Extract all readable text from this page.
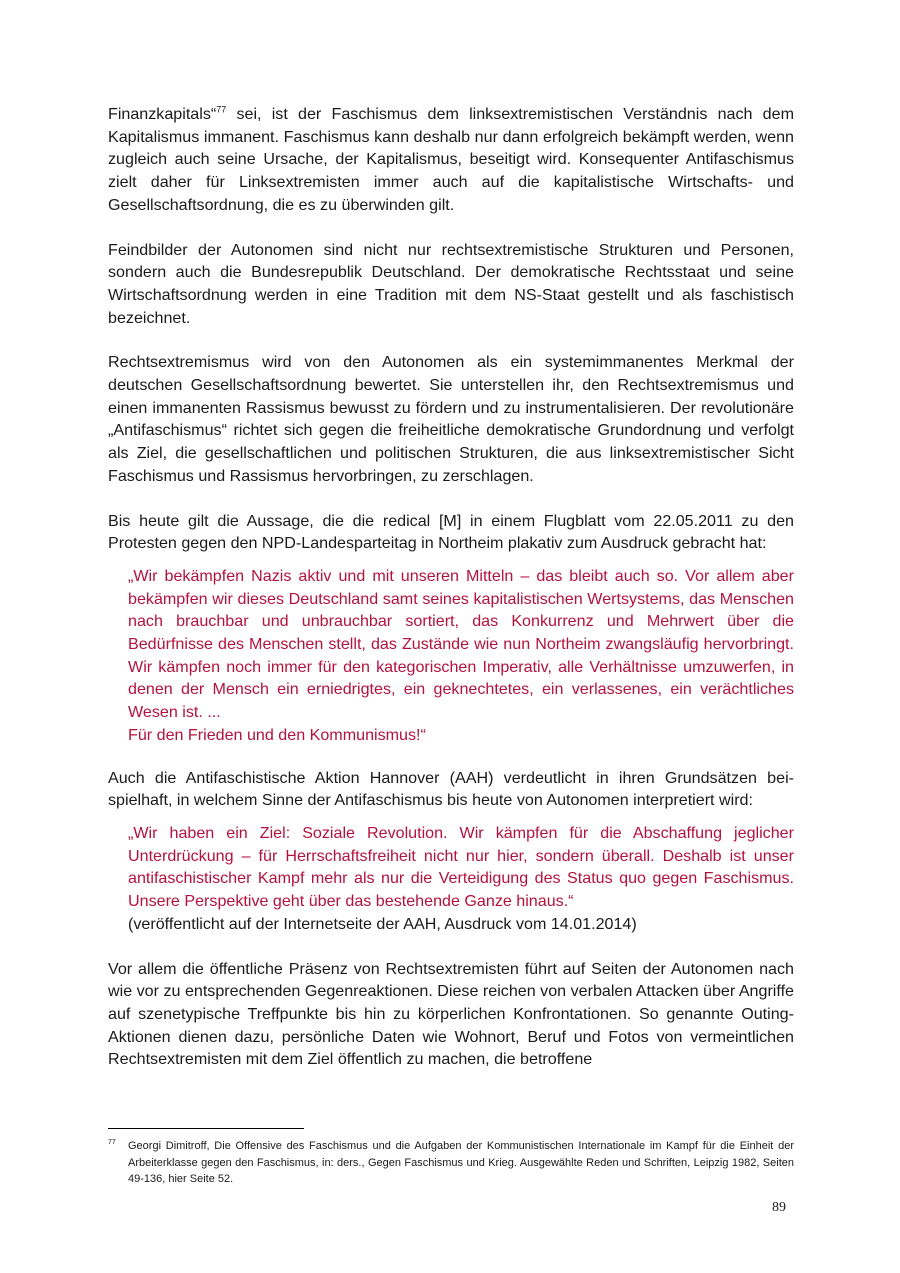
Finanzkapitals“$^{77}$ sei, ist der Faschismus dem linksextremistischen Verständnis nach dem Kapitalismus immanent. Faschismus kann deshalb nur dann erfolgreich bekämpft werden, wenn zugleich auch seine Ursache, der Kapitalismus, beseitigt wird. Konsequenter Antifaschismus zielt daher für Linksextremisten immer auch auf die kapitalistische Wirtschafts- und Gesellschaftsordnung, die es zu überwinden gilt.

Feindbilder der Autonomen sind nicht nur rechtsextremistische Strukturen und Personen, sondern auch die Bundesrepublik Deutschland. Der demokratische Rechtsstaat und seine Wirtschaftsordnung werden in eine Tradition mit dem NS-Staat gestellt und als faschistisch bezeichnet.

Rechtsextremismus wird von den Autonomen als ein systemimmanentes Merkmal der deutschen Gesellschaftsordnung bewertet. Sie unterstellen ihr, den Rechtsextremismus und einen immanenten Rassismus bewusst zu fördern und zu instrumentalisieren. Der revolutionäre „Antifaschismus“ richtet sich gegen die freiheitliche demokratische Grundordnung und verfolgt als Ziel, die gesellschaftlichen und politischen Strukturen, die aus linksextremistischer Sicht Faschismus und Rassismus hervorbringen, zu zerschlagen.

Bis heute gilt die Aussage, die die redical [M] in einem Flugblatt vom 22.05.2011 zu den Protesten gegen den NPD-Landesparteitag in Northeim plakativ zum Ausdruck gebracht hat:

„Wir bekämpfen Nazis aktiv und mit unseren Mitteln – das bleibt auch so. Vor allem aber bekämpfen wir dieses Deutschland samt seines kapitalistischen Wertsystems, das Menschen nach brauchbar und unbrauchbar sortiert, das Konkurrenz und Mehrwert über die Bedürfnisse des Menschen stellt, das Zustände wie nun Northeim zwangsläufig hervorbringt. Wir kämpfen noch immer für den kategorischen Imperativ, alle Verhältnisse umzuwerfen, in denen der Mensch ein erniedrigtes, ein geknechtetes, ein verlassenes, ein verächtliches Wesen ist. ...
Für den Frieden und den Kommunismus!“

Auch die Antifaschistische Aktion Hannover (AAH) verdeutlicht in ihren Grundsätzen beispielhaft, in welchem Sinne der Antifaschismus bis heute von Autonomen interpretiert wird:

„Wir haben ein Ziel: Soziale Revolution. Wir kämpfen für die Abschaffung jeglicher Unterdrückung – für Herrschaftsfreiheit nicht nur hier, sondern überall. Deshalb ist unser antifaschistischer Kampf mehr als nur die Verteidigung des Status quo gegen Faschismus. Unsere Perspektive geht über das bestehende Ganze hinaus.“
(veröffentlicht auf der Internetseite der AAH, Ausdruck vom 14.01.2014)

Vor allem die öffentliche Präsenz von Rechtsextremisten führt auf Seiten der Autonomen nach wie vor zu entsprechenden Gegenreaktionen. Diese reichen von verbalen Attacken über Angriffe auf szenetypische Treffpunkte bis hin zu körperlichen Konfrontationen. So genannte Outing-Aktionen dienen dazu, persönliche Daten wie Wohnort, Beruf und Fotos von vermeintlichen Rechtsextremisten mit dem Ziel öffentlich zu machen, die betroffene

77 Georgi Dimitroff, Die Offensive des Faschismus und die Aufgaben der Kommunistischen Internationale im Kampf für die Einheit der Arbeiterklasse gegen den Faschismus, in: ders., Gegen Faschismus und Krieg. Ausgewählte Reden und Schriften, Leipzig 1982, Seiten 49-136, hier Seite 52.
89
